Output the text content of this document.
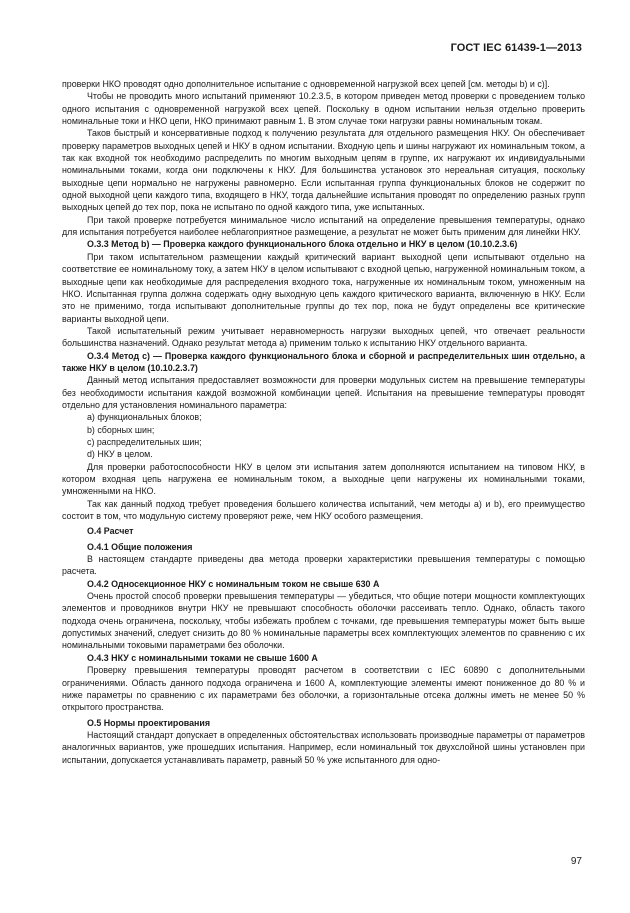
ГОСТ IEC 61439-1—2013

проверки НКО проводят одно дополнительное испытание с одновременной нагрузкой всех цепей [см. методы b) и с)].

Чтобы не проводить много испытаний применяют 10.2.3.5, в котором приведен метод проверки с проведением только одного испытания с одновременной нагрузкой всех цепей. Поскольку в одном испытании нельзя отдельно проверить номинальные токи и НКО цепи, НКО принимают равным 1. В этом случае токи нагрузки равны номинальным токам.

Таков быстрый и консервативные подход к получению результата для отдельного размещения НКУ. Он обеспечивает проверку параметров выходных цепей и НКУ в одном испытании. Входную цепь и шины нагружают их номинальным током, а так как входной ток необходимо распределить по многим выходным цепям в группе, их нагружают их индивидуальными номинальными токами, когда они подключены к НКУ. Для большинства установок это нереальная ситуация, поскольку выходные цепи нормально не нагружены равномерно. Если испытанная группа функциональных блоков не содержит по одной выходной цепи каждого типа, входящего в НКУ, тогда дальнейшие испытания проводят по определению разных групп выходных цепей до тех пор, пока не испытано по одной каждого типа, уже испытанных.

При такой проверке потребуется минимальное число испытаний на определение превышения температуры, однако для испытания потребуется наиболее неблагоприятное размещение, а результат не может быть применим для линейки НКУ.

О.3.3 Метод b) — Проверка каждого функционального блока отдельно и НКУ в целом (10.10.2.3.6)

При таком испытательном размещении каждый критический вариант выходной цепи испытывают отдельно на соответствие ее номинальному току, а затем НКУ в целом испытывают с входной цепью, нагруженной номинальным током, а выходные цепи как необходимые для распределения входного тока, нагруженные их номинальным током, умноженным на НКО. Испытанная группа должна содержать одну выходную цепь каждого критического варианта, включенную в НКУ. Если это не применимо, тогда испытывают дополнительные группы до тех пор, пока не будут определены все критические варианты выходной цепи.

Такой испытательный режим учитывает неравномерность нагрузки выходных цепей, что отвечает реальности большинства назначений. Однако результат метода а) применим только к испытанию НКУ отдельного варианта.

О.3.4 Метод с) — Проверка каждого функционального блока и сборной и распределительных шин отдельно, а также НКУ в целом (10.10.2.3.7)

Данный метод испытания предоставляет возможности для проверки модульных систем на превышение температуры без необходимости испытания каждой возможной комбинации цепей. Испытания на превышение температуры проводят отдельно для установления номинального параметра:

а) функциональных блоков;

b) сборных шин;

с) распределительных шин;

d) НКУ в целом.

Для проверки работоспособности НКУ в целом эти испытания затем дополняются испытанием на типовом НКУ, в котором входная цепь нагружена ее номинальным током, а выходные цепи нагружены их номинальными токами, умноженными на НКО.

Так как данный подход требует проведения большего количества испытаний, чем методы а) и b), его преимущество состоит в том, что модульную систему проверяют реже, чем НКУ особого размещения.

О.4 Расчет

О.4.1 Общие положения

В настоящем стандарте приведены два метода проверки характеристики превышения температуры с помощью расчета.

О.4.2 Односекционное НКУ с номинальным током не свыше 630 А

Очень простой способ проверки превышения температуры — убедиться, что общие потери мощности комплектующих элементов и проводников внутри НКУ не превышают способность оболочки рассеивать тепло. Однако, область такого подхода очень ограничена, поскольку, чтобы избежать проблем с точками, где превышения температуры может быть выше допустимых значений, следует снизить до 80 % номинальные параметры всех комплектующих элементов по сравнению с их номинальными токовыми параметрами без оболочки.

О.4.3 НКУ с номинальными токами не свыше 1600 А

Проверку превышения температуры проводят расчетом в соответствии с IEC 60890 с дополнительными ограничениями. Область данного подхода ограничена и 1600 А, комплектующие элементы имеют пониженное до 80 % и ниже параметры по сравнению с их параметрами без оболочки, а горизонтальные отсека должны иметь не менее 50 % открытого пространства.

О.5 Нормы проектирования

Настоящий стандарт допускает в определенных обстоятельствах использовать производные параметры от параметров аналогичных вариантов, уже прошедших испытания. Например, если номинальный ток двухслойной шины установлен при испытании, допускается устанавливать параметр, равный 50 % уже испытанного для одно-

97
